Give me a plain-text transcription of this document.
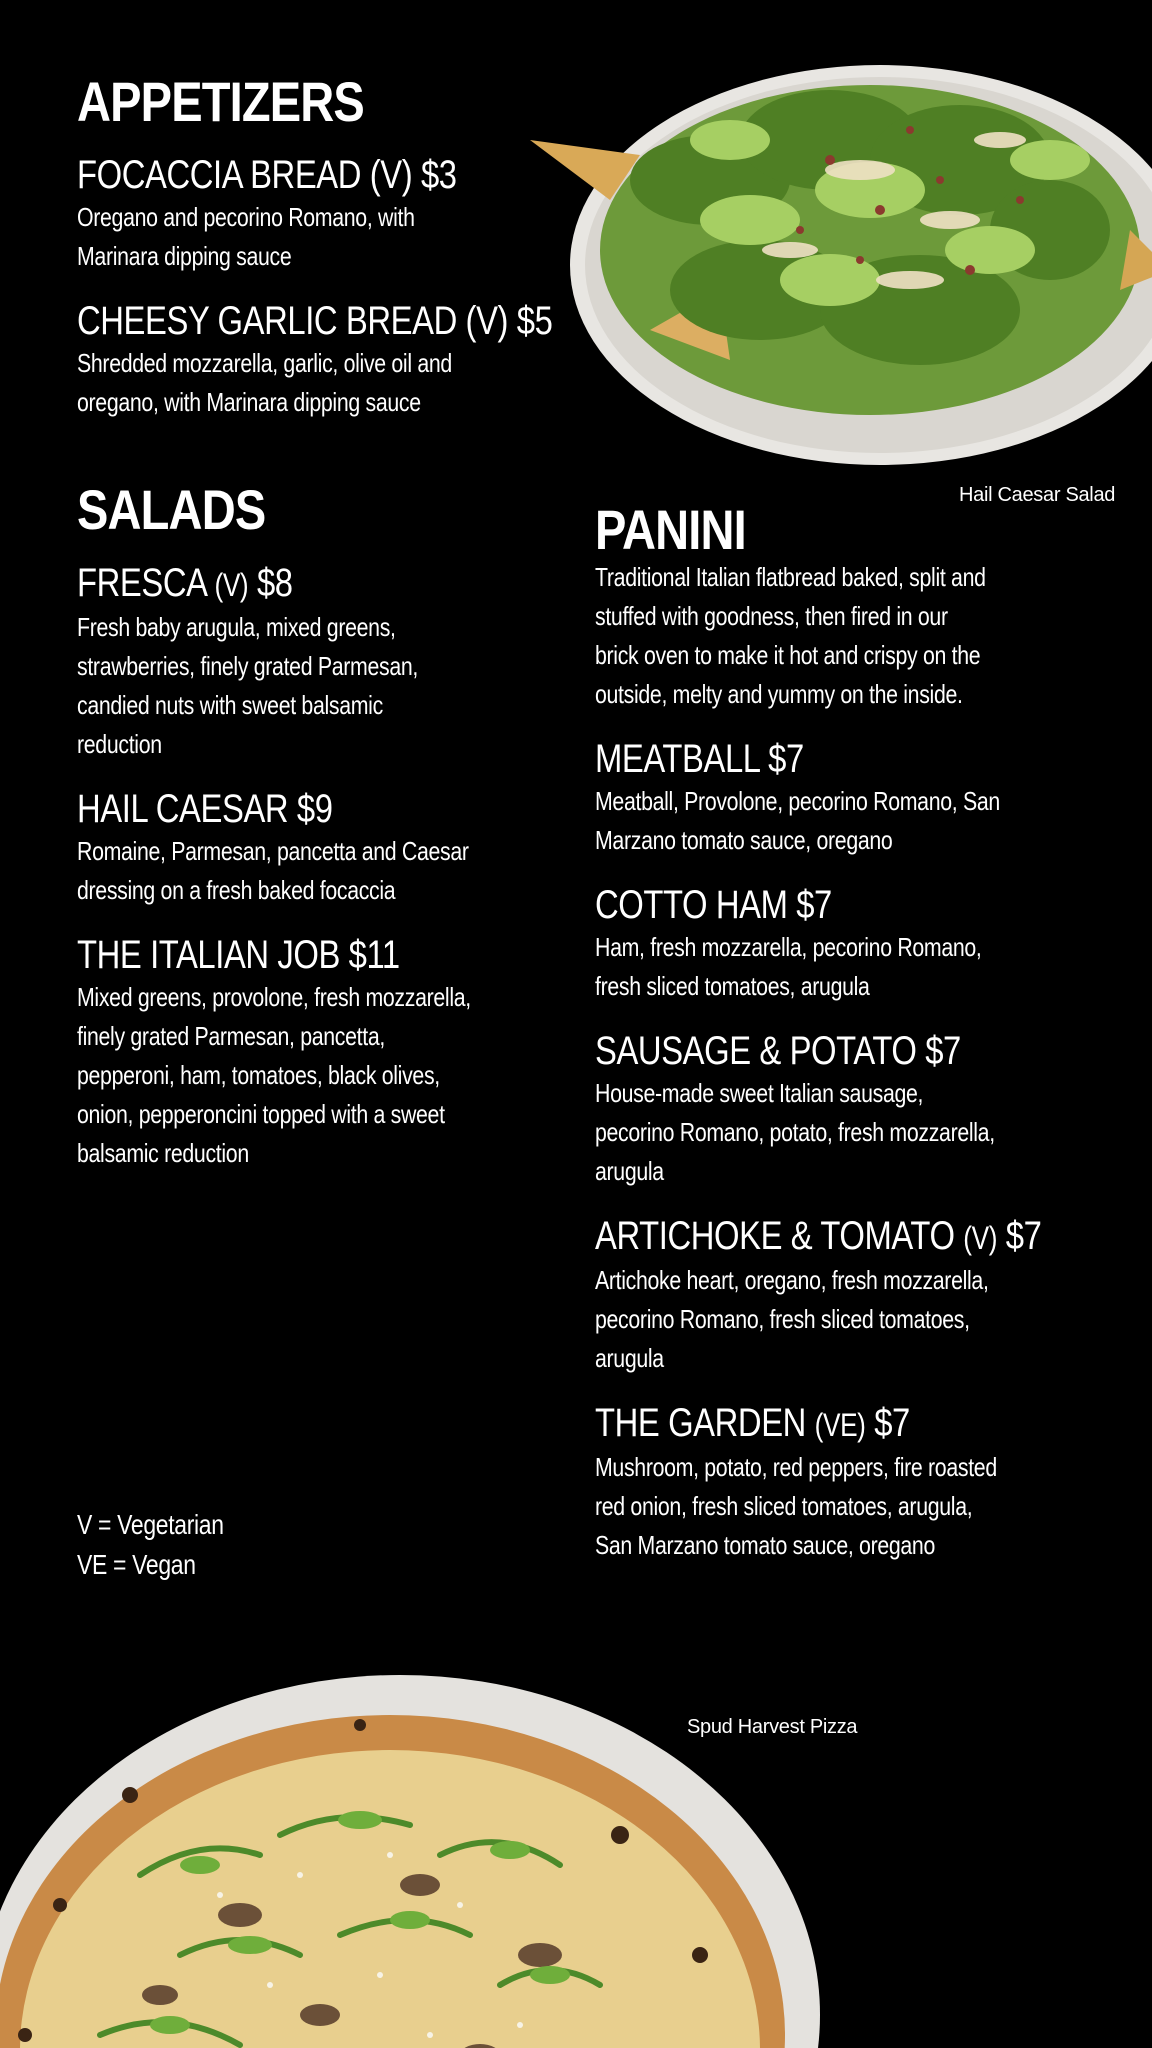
Hail Caesar Salad
APPETIZERS
FOCACCIA BREAD (V) $3
Oregano and pecorino Romano, with
Marinara dipping sauce
CHEESY GARLIC BREAD (V) $5
Shredded mozzarella, garlic, olive oil and
oregano, with Marinara dipping sauce
SALADS
FRESCA (V) $8
Fresh baby arugula, mixed greens,
strawberries, finely grated Parmesan,
candied nuts with sweet balsamic
reduction
HAIL CAESAR $9
Romaine, Parmesan, pancetta and Caesar
dressing on a fresh baked focaccia
THE ITALIAN JOB $11
Mixed greens, provolone, fresh mozzarella,
finely grated Parmesan, pancetta,
pepperoni, ham, tomatoes, black olives,
onion, pepperoncini topped with a sweet
balsamic reduction
PANINI
Traditional Italian flatbread baked, split and
stuffed with goodness, then fired in our
brick oven to make it hot and crispy on the
outside, melty and yummy on the inside.
MEATBALL $7
Meatball, Provolone, pecorino Romano, San
Marzano tomato sauce, oregano
COTTO HAM $7
Ham, fresh mozzarella, pecorino Romano,
fresh sliced tomatoes, arugula
SAUSAGE & POTATO $7
House-made sweet Italian sausage,
pecorino Romano, potato, fresh mozzarella,
arugula
ARTICHOKE & TOMATO (V) $7
Artichoke heart, oregano, fresh mozzarella,
pecorino Romano, fresh sliced tomatoes,
arugula
THE GARDEN (VE) $7
Mushroom, potato, red peppers, fire roasted
red onion, fresh sliced tomatoes, arugula,
San Marzano tomato sauce, oregano
V = Vegetarian
VE = Vegan
Spud Harvest Pizza
